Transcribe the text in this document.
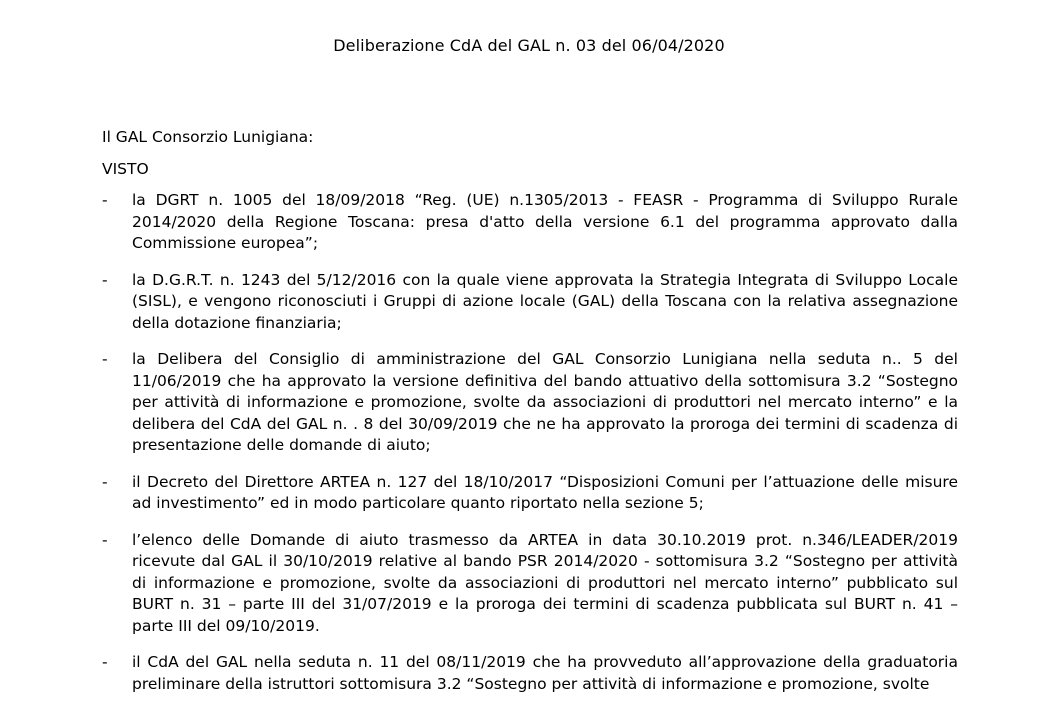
Deliberazione CdA del GAL n. 03 del 06/04/2020
Il GAL Consorzio Lunigiana:
VISTO
-	la DGRT n. 1005 del 18/09/2018 “Reg. (UE) n.1305/2013 - FEASR - Programma di Sviluppo Rurale 2014/2020 della Regione Toscana: presa d'atto della versione 6.1 del programma approvato dalla Commissione europea”;
-	la D.G.R.T. n. 1243 del 5/12/2016 con la quale viene approvata la Strategia Integrata di Sviluppo Locale (SISL), e vengono riconosciuti i Gruppi di azione locale (GAL) della Toscana con la relativa assegnazione della dotazione finanziaria;
-	la Delibera del Consiglio di amministrazione del GAL Consorzio Lunigiana nella seduta n.. 5 del 11/06/2019 che ha approvato la versione definitiva del bando attuativo della sottomisura 3.2 “Sostegno per attività di informazione e promozione, svolte da associazioni di produttori nel mercato interno” e la delibera del CdA del GAL n. . 8 del 30/09/2019 che ne ha approvato la proroga dei termini di scadenza di presentazione delle domande di aiuto;
-	il Decreto del Direttore ARTEA n. 127 del 18/10/2017 “Disposizioni Comuni per l’attuazione delle misure ad investimento” ed in modo particolare quanto riportato nella sezione 5;
-	l’elenco delle Domande di aiuto trasmesso da ARTEA in data 30.10.2019 prot. n.346/LEADER/2019 ricevute dal GAL il 30/10/2019 relative al bando PSR 2014/2020 - sottomisura 3.2 “Sostegno per attività di informazione e promozione, svolte da associazioni di produttori nel mercato interno” pubblicato sul BURT n. 31 – parte III del 31/07/2019 e la proroga dei termini di scadenza pubblicata sul BURT n. 41 – parte III del 09/10/2019.
-	il CdA del GAL nella seduta n. 11 del 08/11/2019 che ha provveduto all’approvazione della graduatoria preliminare della istruttori sottomisura 3.2 “Sostegno per attività di informazione e promozione, svolte
